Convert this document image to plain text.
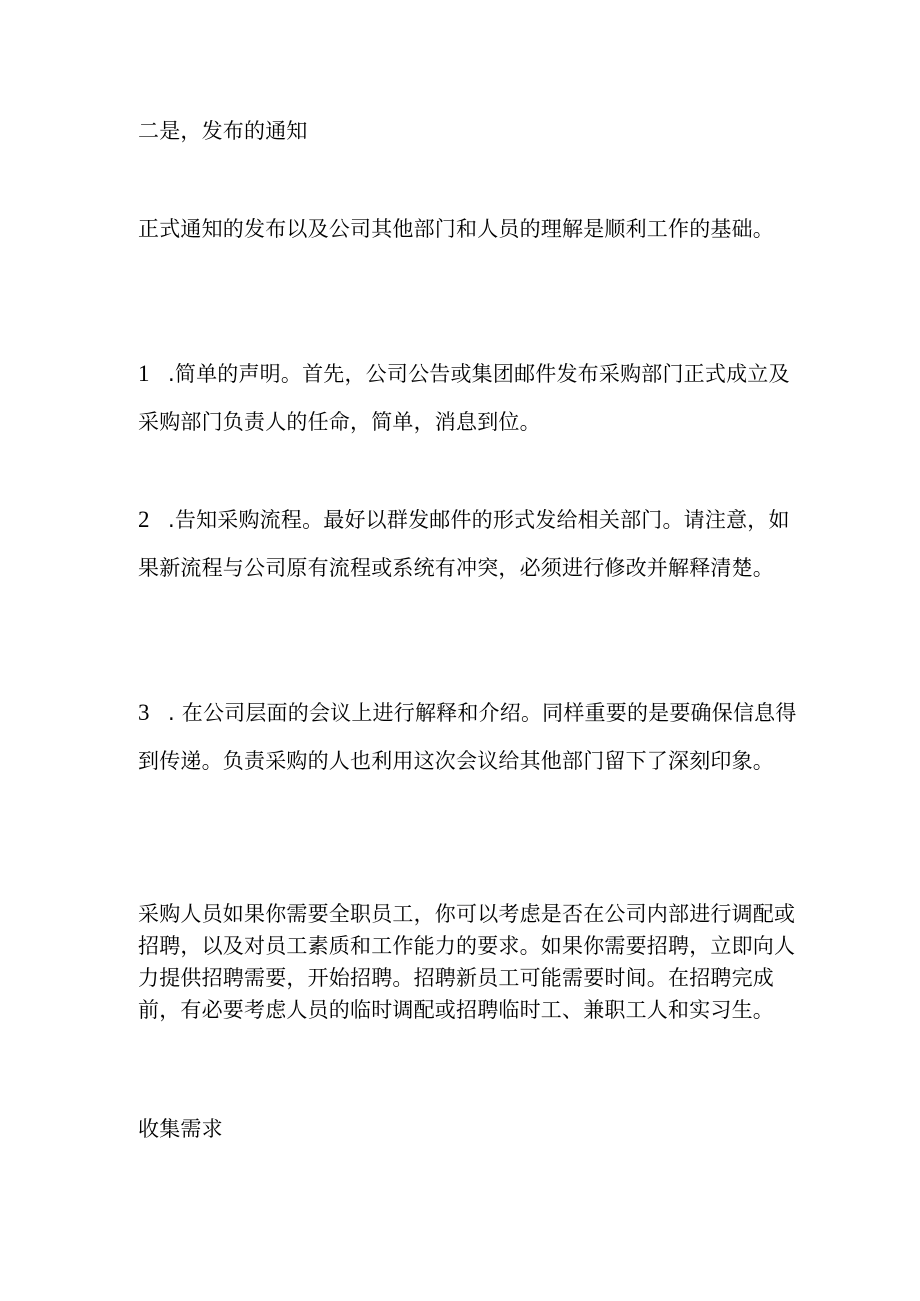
二是，发布的通知

正式通知的发布以及公司其他部门和人员的理解是顺利工作的基础。

1 .简单的声明。首先，公司公告或集团邮件发布采购部门正式成立及采购部门负责人的任命，简单，消息到位。

2 .告知采购流程。最好以群发邮件的形式发给相关部门。请注意，如果新流程与公司原有流程或系统有冲突，必须进行修改并解释清楚。

3 . 在公司层面的会议上进行解释和介绍。同样重要的是要确保信息得到传递。负责采购的人也利用这次会议给其他部门留下了深刻印象。

采购人员如果你需要全职员工，你可以考虑是否在公司内部进行调配或招聘，以及对员工素质和工作能力的要求。如果你需要招聘，立即向人力提供招聘需要，开始招聘。招聘新员工可能需要时间。在招聘完成前，有必要考虑人员的临时调配或招聘临时工、兼职工人和实习生。

收集需求
